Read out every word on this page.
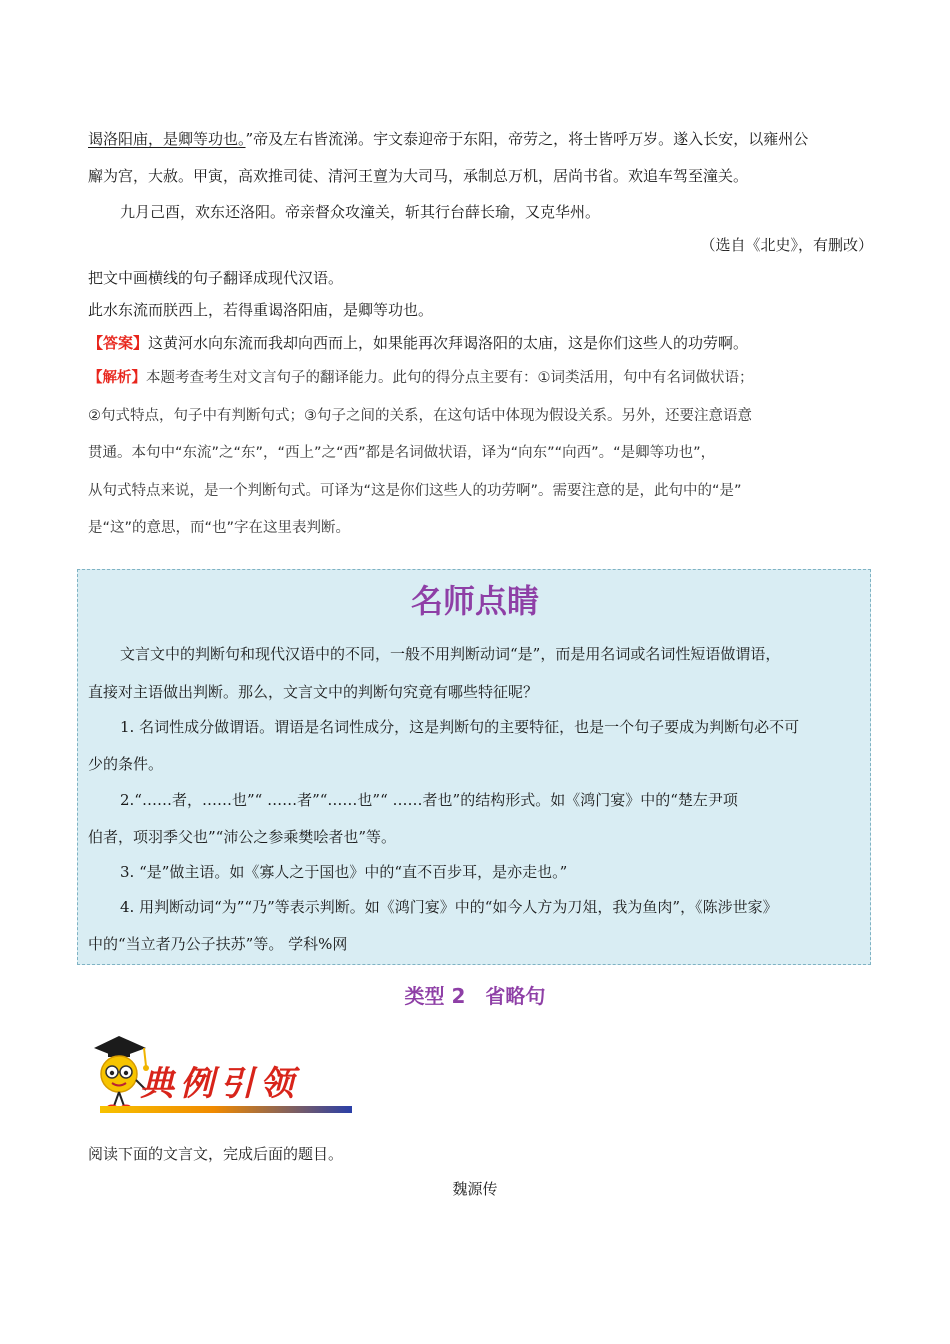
谒洛阳庙，是卿等功也。”帝及左右皆流涕。宇文泰迎帝于东阳，帝劳之，将士皆呼万岁。遂入长安，以雍州公
廨为宫，大赦。甲寅，高欢推司徒、清河王亶为大司马，承制总万机，居尚书省。欢追车驾至潼关。
九月己酉，欢东还洛阳。帝亲督众攻潼关，斩其行台薛长瑜，又克华州。
（选自《北史》，有删改）
把文中画横线的句子翻译成现代汉语。
此水东流而朕西上，若得重谒洛阳庙，是卿等功也。
【答案】这黄河水向东流而我却向西而上，如果能再次拜谒洛阳的太庙，这是你们这些人的功劳啊。
【解析】本题考查考生对文言句子的翻译能力。此句的得分点主要有：①词类活用，句中有名词做状语；
②句式特点，句子中有判断句式；③句子之间的关系，在这句话中体现为假设关系。另外，还要注意语意
贯通。本句中“东流”之“东”，“西上”之“西”都是名词做状语，译为“向东”“向西”。“是卿等功也”，
从句式特点来说，是一个判断句式。可译为“这是你们这些人的功劳啊”。需要注意的是，此句中的“是”
是“这”的意思，而“也”字在这里表判断。
名师点睛
文言文中的判断句和现代汉语中的不同，一般不用判断动词“是”，而是用名词或名词性短语做谓语，
直接对主语做出判断。那么，文言文中的判断句究竟有哪些特征呢？
1. 名词性成分做谓语。谓语是名词性成分，这是判断句的主要特征，也是一个句子要成为判断句必不可
少的条件。
2.“……者，……也”“ ……者”“……也”“ ……者也”的结构形式。如《鸿门宴》中的“楚左尹项
伯者，项羽季父也”“沛公之参乘樊哙者也”等。
3. “是”做主语。如《寡人之于国也》中的“直不百步耳，是亦走也。”
4. 用判断动词“为”“乃”等表示判断。如《鸿门宴》中的“如今人方为刀俎，我为鱼肉”，《陈涉世家》
中的“当立者乃公子扶苏”等。 学科%网
类型 2　省略句
典例引领
阅读下面的文言文，完成后面的题目。
魏源传
